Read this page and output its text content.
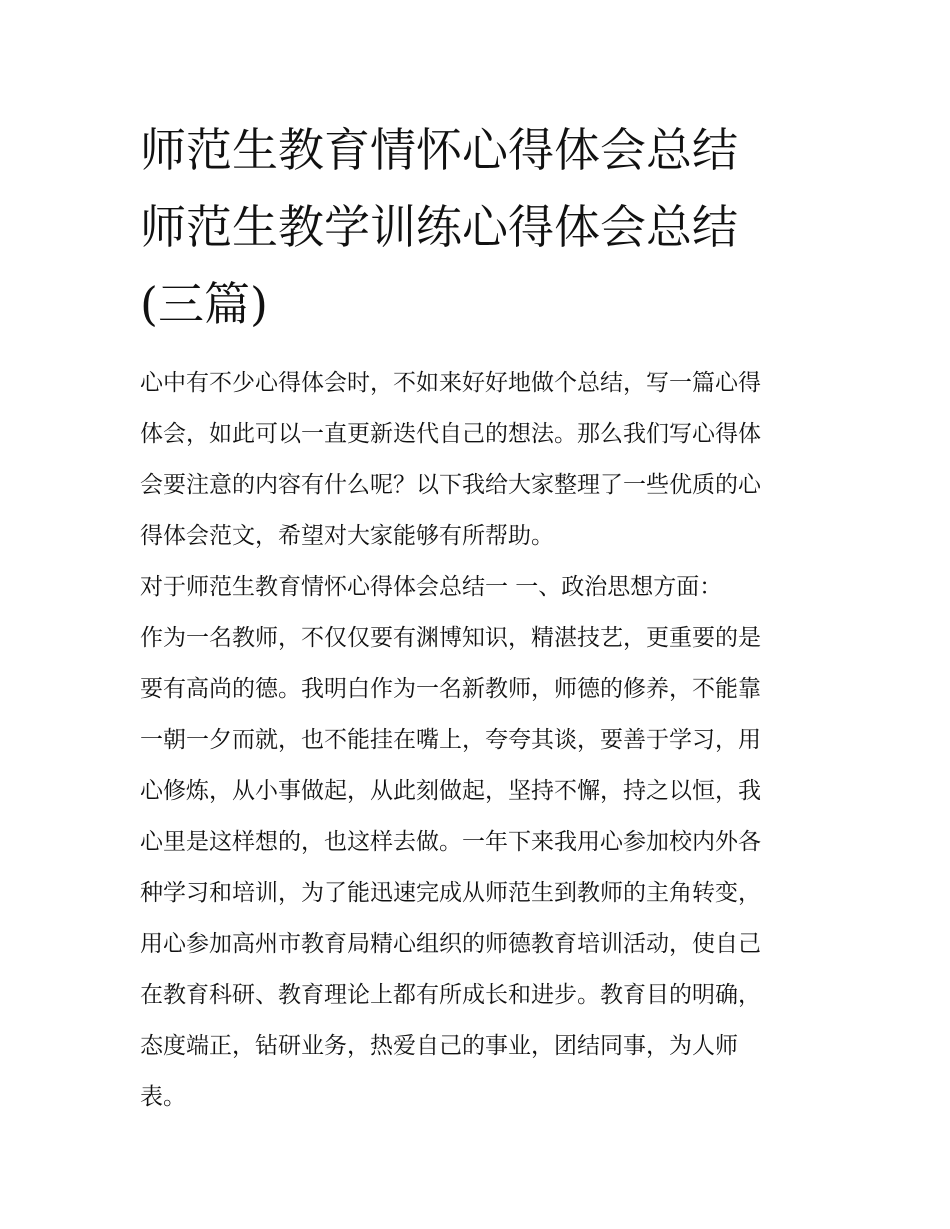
师范生教育情怀心得体会总结
师范生教学训练心得体会总结
(三篇)

心中有不少心得体会时，不如来好好地做个总结，写一篇心得
体会，如此可以一直更新迭代自己的想法。那么我们写心得体
会要注意的内容有什么呢？以下我给大家整理了一些优质的心
得体会范文，希望对大家能够有所帮助。

对于师范生教育情怀心得体会总结一 一、政治思想方面：

作为一名教师，不仅仅要有渊博知识，精湛技艺，更重要的是
要有高尚的德。我明白作为一名新教师，师德的修养，不能靠
一朝一夕而就，也不能挂在嘴上，夸夸其谈，要善于学习，用
心修炼，从小事做起，从此刻做起，坚持不懈，持之以恒，我
心里是这样想的，也这样去做。一年下来我用心参加校内外各
种学习和培训，为了能迅速完成从师范生到教师的主角转变，
用心参加高州市教育局精心组织的师德教育培训活动，使自己
在教育科研、教育理论上都有所成长和进步。教育目的明确，
态度端正，钻研业务，热爱自己的事业，团结同事，为人师
表。
